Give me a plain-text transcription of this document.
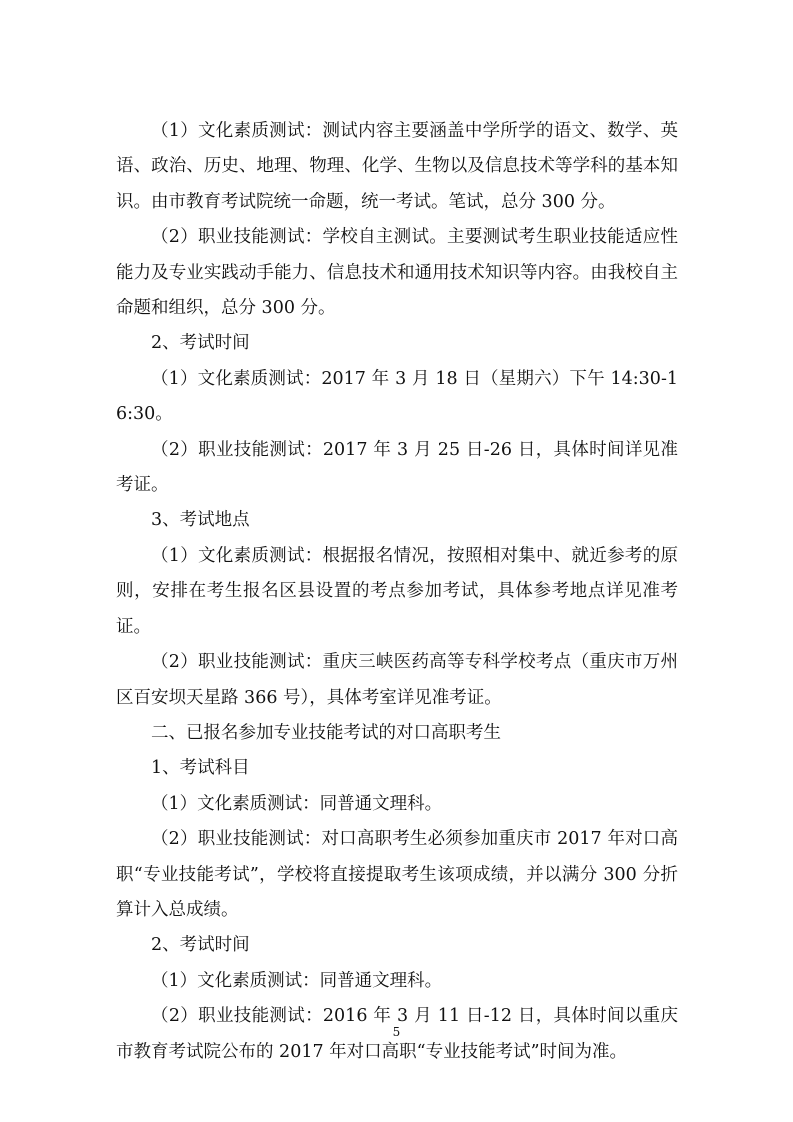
（1）文化素质测试：测试内容主要涵盖中学所学的语文、数学、英语、政治、历史、地理、物理、化学、生物以及信息技术等学科的基本知识。由市教育考试院统一命题，统一考试。笔试，总分 300 分。

（2）职业技能测试：学校自主测试。主要测试考生职业技能适应性能力及专业实践动手能力、信息技术和通用技术知识等内容。由我校自主命题和组织，总分 300 分。

2、考试时间

（1）文化素质测试：2017 年 3 月 18 日（星期六）下午 14:30-16:30。

（2）职业技能测试：2017 年 3 月 25 日-26 日，具体时间详见准考证。

3、考试地点

（1）文化素质测试：根据报名情况，按照相对集中、就近参考的原则，安排在考生报名区县设置的考点参加考试，具体参考地点详见准考证。

（2）职业技能测试：重庆三峡医药高等专科学校考点（重庆市万州区百安坝天星路 366 号），具体考室详见准考证。

二、已报名参加专业技能考试的对口高职考生

1、考试科目

（1）文化素质测试：同普通文理科。

（2）职业技能测试：对口高职考生必须参加重庆市 2017 年对口高职“专业技能考试”，学校将直接提取考生该项成绩，并以满分 300 分折算计入总成绩。

2、考试时间

（1）文化素质测试：同普通文理科。

（2）职业技能测试：2016 年 3 月 11 日-12 日，具体时间以重庆市教育考试院公布的 2017 年对口高职“专业技能考试”时间为准。

5
